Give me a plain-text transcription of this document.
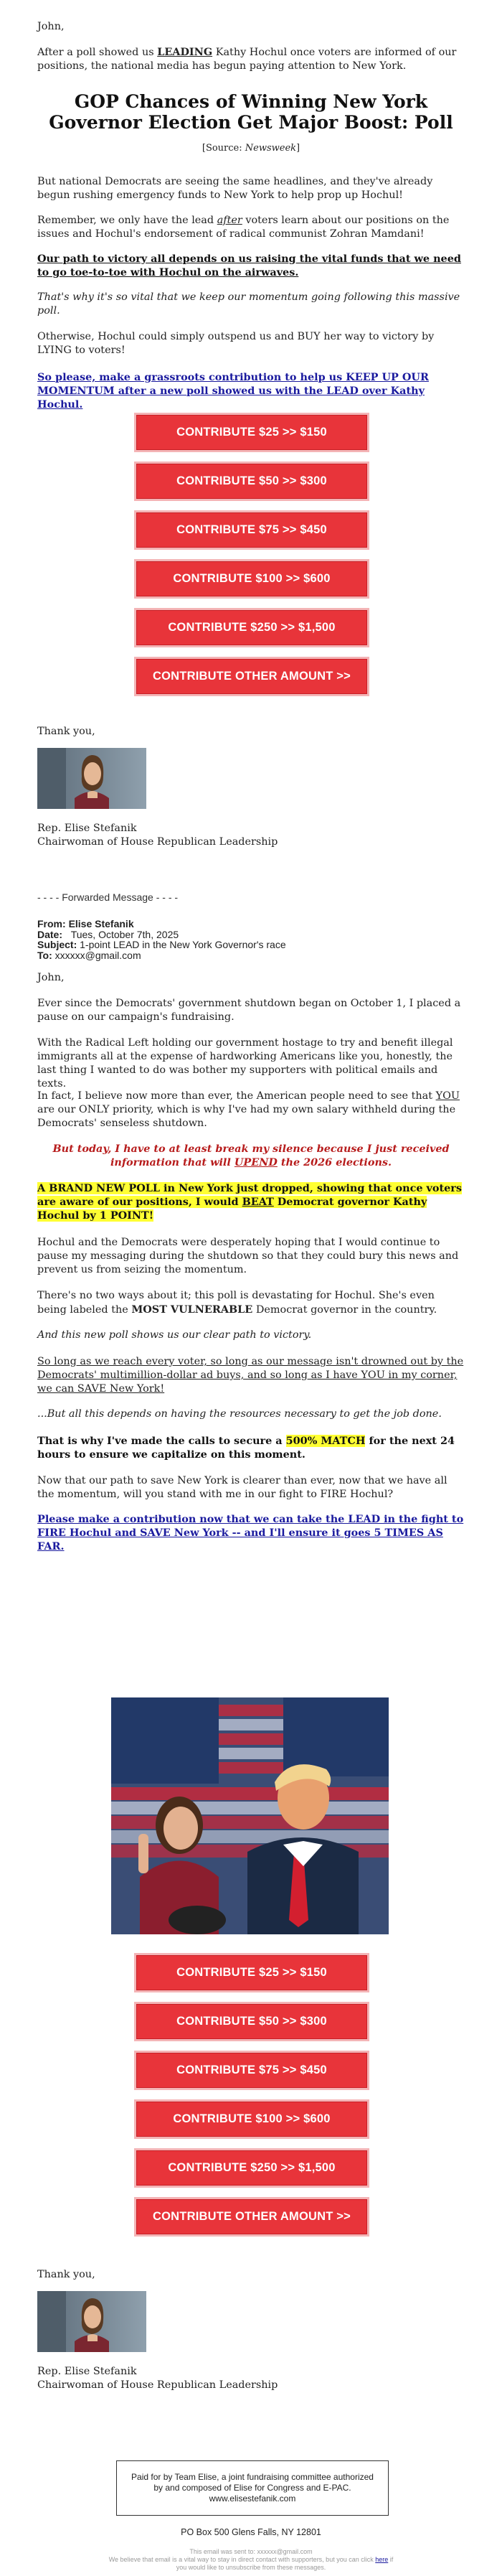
John,

After a poll showed us LEADING Kathy Hochul once voters are informed of our positions, the national media has begun paying attention to New York.

GOP Chances of Winning New York Governor Election Get Major Boost: Poll

[Source: Newsweek]

But national Democrats are seeing the same headlines, and they've already begun rushing emergency funds to New York to help prop up Hochul!

Remember, we only have the lead after voters learn about our positions on the issues and Hochul's endorsement of radical communist Zohran Mamdani!

Our path to victory all depends on us raising the vital funds that we need to go toe-to-toe with Hochul on the airwaves.

That's why it's so vital that we keep our momentum going following this massive poll.

Otherwise, Hochul could simply outspend us and BUY her way to victory by LYING to voters!

So please, make a grassroots contribution to help us KEEP UP OUR MOMENTUM after a new poll showed us with the LEAD over Kathy Hochul.

CONTRIBUTE $25 >> $150
CONTRIBUTE $50 >> $300
CONTRIBUTE $75 >> $450
CONTRIBUTE $100 >> $600
CONTRIBUTE $250 >> $1,500
CONTRIBUTE OTHER AMOUNT >>

Thank you,

Rep. Elise Stefanik

Chairwoman of House Republican Leadership

- - - - Forwarded Message - - - -

From: Elise Stefanik
Date: Tues, October 7th, 2025
Subject: 1-point LEAD in the New York Governor's race
To: xxxxxx@gmail.com

John,

Ever since the Democrats' government shutdown began on October 1, I placed a pause on our campaign's fundraising.

With the Radical Left holding our government hostage to try and benefit illegal immigrants all at the expense of hardworking Americans like you, honestly, the last thing I wanted to do was bother my supporters with political emails and texts.

In fact, I believe now more than ever, the American people need to see that YOU are our ONLY priority, which is why I've had my own salary withheld during the Democrats' senseless shutdown.

But today, I have to at least break my silence because I just received information that will UPEND the 2026 elections.

A BRAND NEW POLL in New York just dropped, showing that once voters are aware of our positions, I would BEAT Democrat governor Kathy Hochul by 1 POINT!

Hochul and the Democrats were desperately hoping that I would continue to pause my messaging during the shutdown so that they could bury this news and prevent us from seizing the momentum.

There's no two ways about it; this poll is devastating for Hochul. She's even being labeled the MOST VULNERABLE Democrat governor in the country.

And this new poll shows us our clear path to victory.

So long as we reach every voter, so long as our message isn't drowned out by the Democrats' multimillion-dollar ad buys, and so long as I have YOU in my corner, we can SAVE New York!

...But all this depends on having the resources necessary to get the job done.

That is why I've made the calls to secure a 500% MATCH for the next 24 hours to ensure we capitalize on this moment.

Now that our path to save New York is clearer than ever, now that we have all the momentum, will you stand with me in our fight to FIRE Hochul?

Please make a contribution now that we can take the LEAD in the fight to FIRE Hochul and SAVE New York -- and I'll ensure it goes 5 TIMES AS FAR.

CONTRIBUTE $25 >> $150
CONTRIBUTE $50 >> $300
CONTRIBUTE $75 >> $450
CONTRIBUTE $100 >> $600
CONTRIBUTE $250 >> $1,500
CONTRIBUTE OTHER AMOUNT >>

Thank you,

Rep. Elise Stefanik

Chairwoman of House Republican Leadership

Paid for by Team Elise, a joint fundraising committee authorized by and composed of Elise for Congress and E-PAC. www.elisestefanik.com

PO Box 500 Glens Falls, NY 12801

This email was sent to: xxxxxx@gmail.com

We believe that email is a vital way to stay in direct contact with supporters, but you can click here if you would like to unsubscribe from these messages.
